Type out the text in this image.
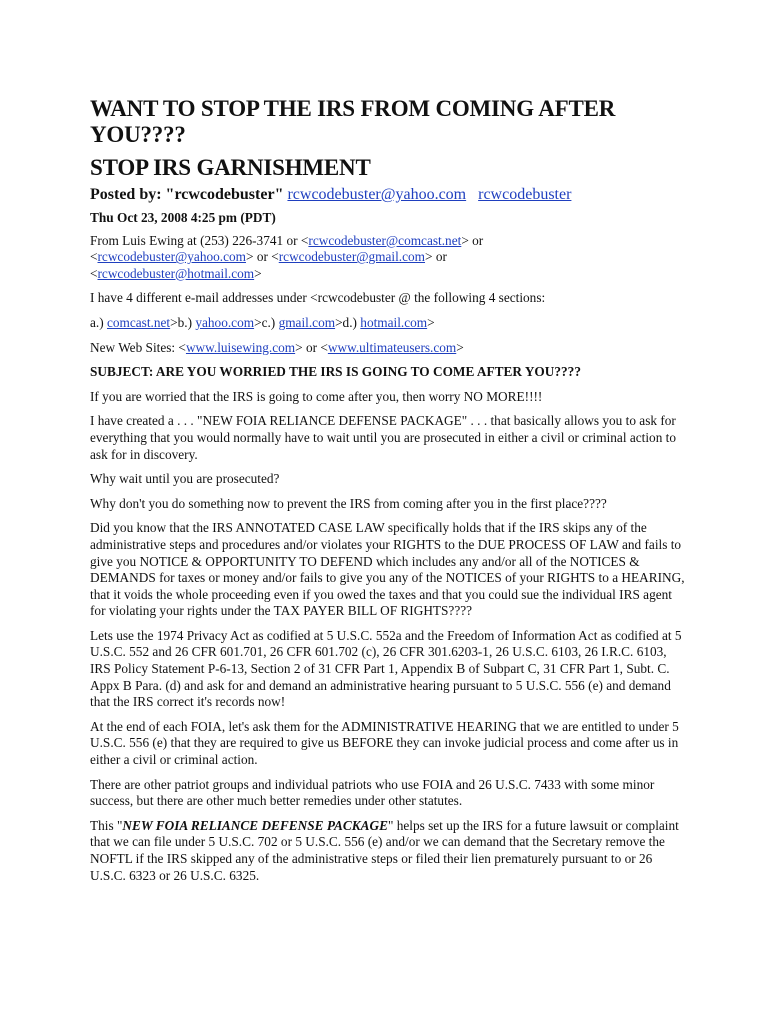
WANT TO STOP THE IRS FROM COMING AFTER YOU????
STOP IRS GARNISHMENT
Posted by: "rcwcodebuster" rcwcodebuster@yahoo.com rcwcodebuster

Thu Oct 23, 2008 4:25 pm (PDT)

From Luis Ewing at (253) 226-3741 or <rcwcodebuster@comcast.net> or
<rcwcodebuster@yahoo.com> or <rcwcodebuster@gmail.com> or
<rcwcodebuster@hotmail.com>

I have 4 different e-mail addresses under <rcwcodebuster @ the following 4 sections:

a.) comcast.net>b.) yahoo.com>c.) gmail.com>d.) hotmail.com>

New Web Sites: <www.luisewing.com> or <www.ultimateusers.com>

SUBJECT: ARE YOU WORRIED THE IRS IS GOING TO COME AFTER YOU????

If you are worried that the IRS is going to come after you, then worry NO MORE!!!!

I have created a . . . "NEW FOIA RELIANCE DEFENSE PACKAGE" . . . that basically allows you to ask for everything that you would normally have to wait until you are prosecuted in either a civil or criminal action to ask for in discovery.

Why wait until you are prosecuted?

Why don't you do something now to prevent the IRS from coming after you in the first place????

Did you know that the IRS ANNOTATED CASE LAW specifically holds that if the IRS skips any of the administrative steps and procedures and/or violates your RIGHTS to the DUE PROCESS OF LAW and fails to give you NOTICE & OPPORTUNITY TO DEFEND which includes any and/or all of the NOTICES & DEMANDS for taxes or money and/or fails to give you any of the NOTICES of your RIGHTS to a HEARING, that it voids the whole proceeding even if you owed the taxes and that you could sue the individual IRS agent for violating your rights under the TAX PAYER BILL OF RIGHTS????

Lets use the 1974 Privacy Act as codified at 5 U.S.C. 552a and the Freedom of Information Act as codified at 5 U.S.C. 552 and 26 CFR 601.701, 26 CFR 601.702 (c), 26 CFR 301.6203-1, 26 U.S.C. 6103, 26 I.R.C. 6103, IRS Policy Statement P-6-13, Section 2 of 31 CFR Part 1, Appendix B of Subpart C, 31 CFR Part 1, Subt. C. Appx B Para. (d) and ask for and demand an administrative hearing pursuant to 5 U.S.C. 556 (e) and demand that the IRS correct it's records now!

At the end of each FOIA, let's ask them for the ADMINISTRATIVE HEARING that we are entitled to under 5 U.S.C. 556 (e) that they are required to give us BEFORE they can invoke judicial process and come after us in either a civil or criminal action.

There are other patriot groups and individual patriots who use FOIA and 26 U.S.C. 7433 with some minor success, but there are other much better remedies under other statutes.

This "NEW FOIA RELIANCE DEFENSE PACKAGE" helps set up the IRS for a future lawsuit or complaint that we can file under 5 U.S.C. 702 or 5 U.S.C. 556 (e) and/or we can demand that the Secretary remove the NOFTL if the IRS skipped any of the administrative steps or filed their lien prematurely pursuant to or 26 U.S.C. 6323 or 26 U.S.C. 6325.
